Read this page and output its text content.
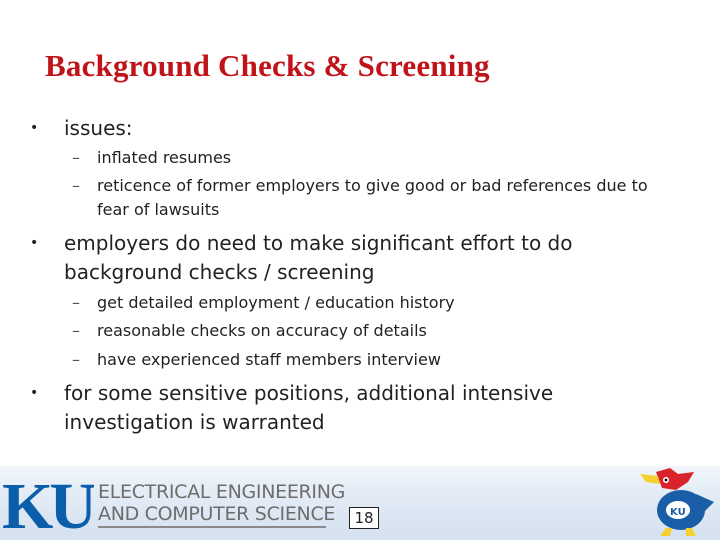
Background Checks & Screening
• issues:
– inflated resumes
– reticence of former employers to give good or bad references due to fear of lawsuits
• employers do need to make significant effort to do background checks / screening
– get detailed employment / education history
– reasonable checks on accuracy of details
– have experienced staff members interview
• for some sensitive positions, additional intensive investigation is warranted
KU ELECTRICAL ENGINEERING
AND COMPUTER SCIENCE	18	KU
